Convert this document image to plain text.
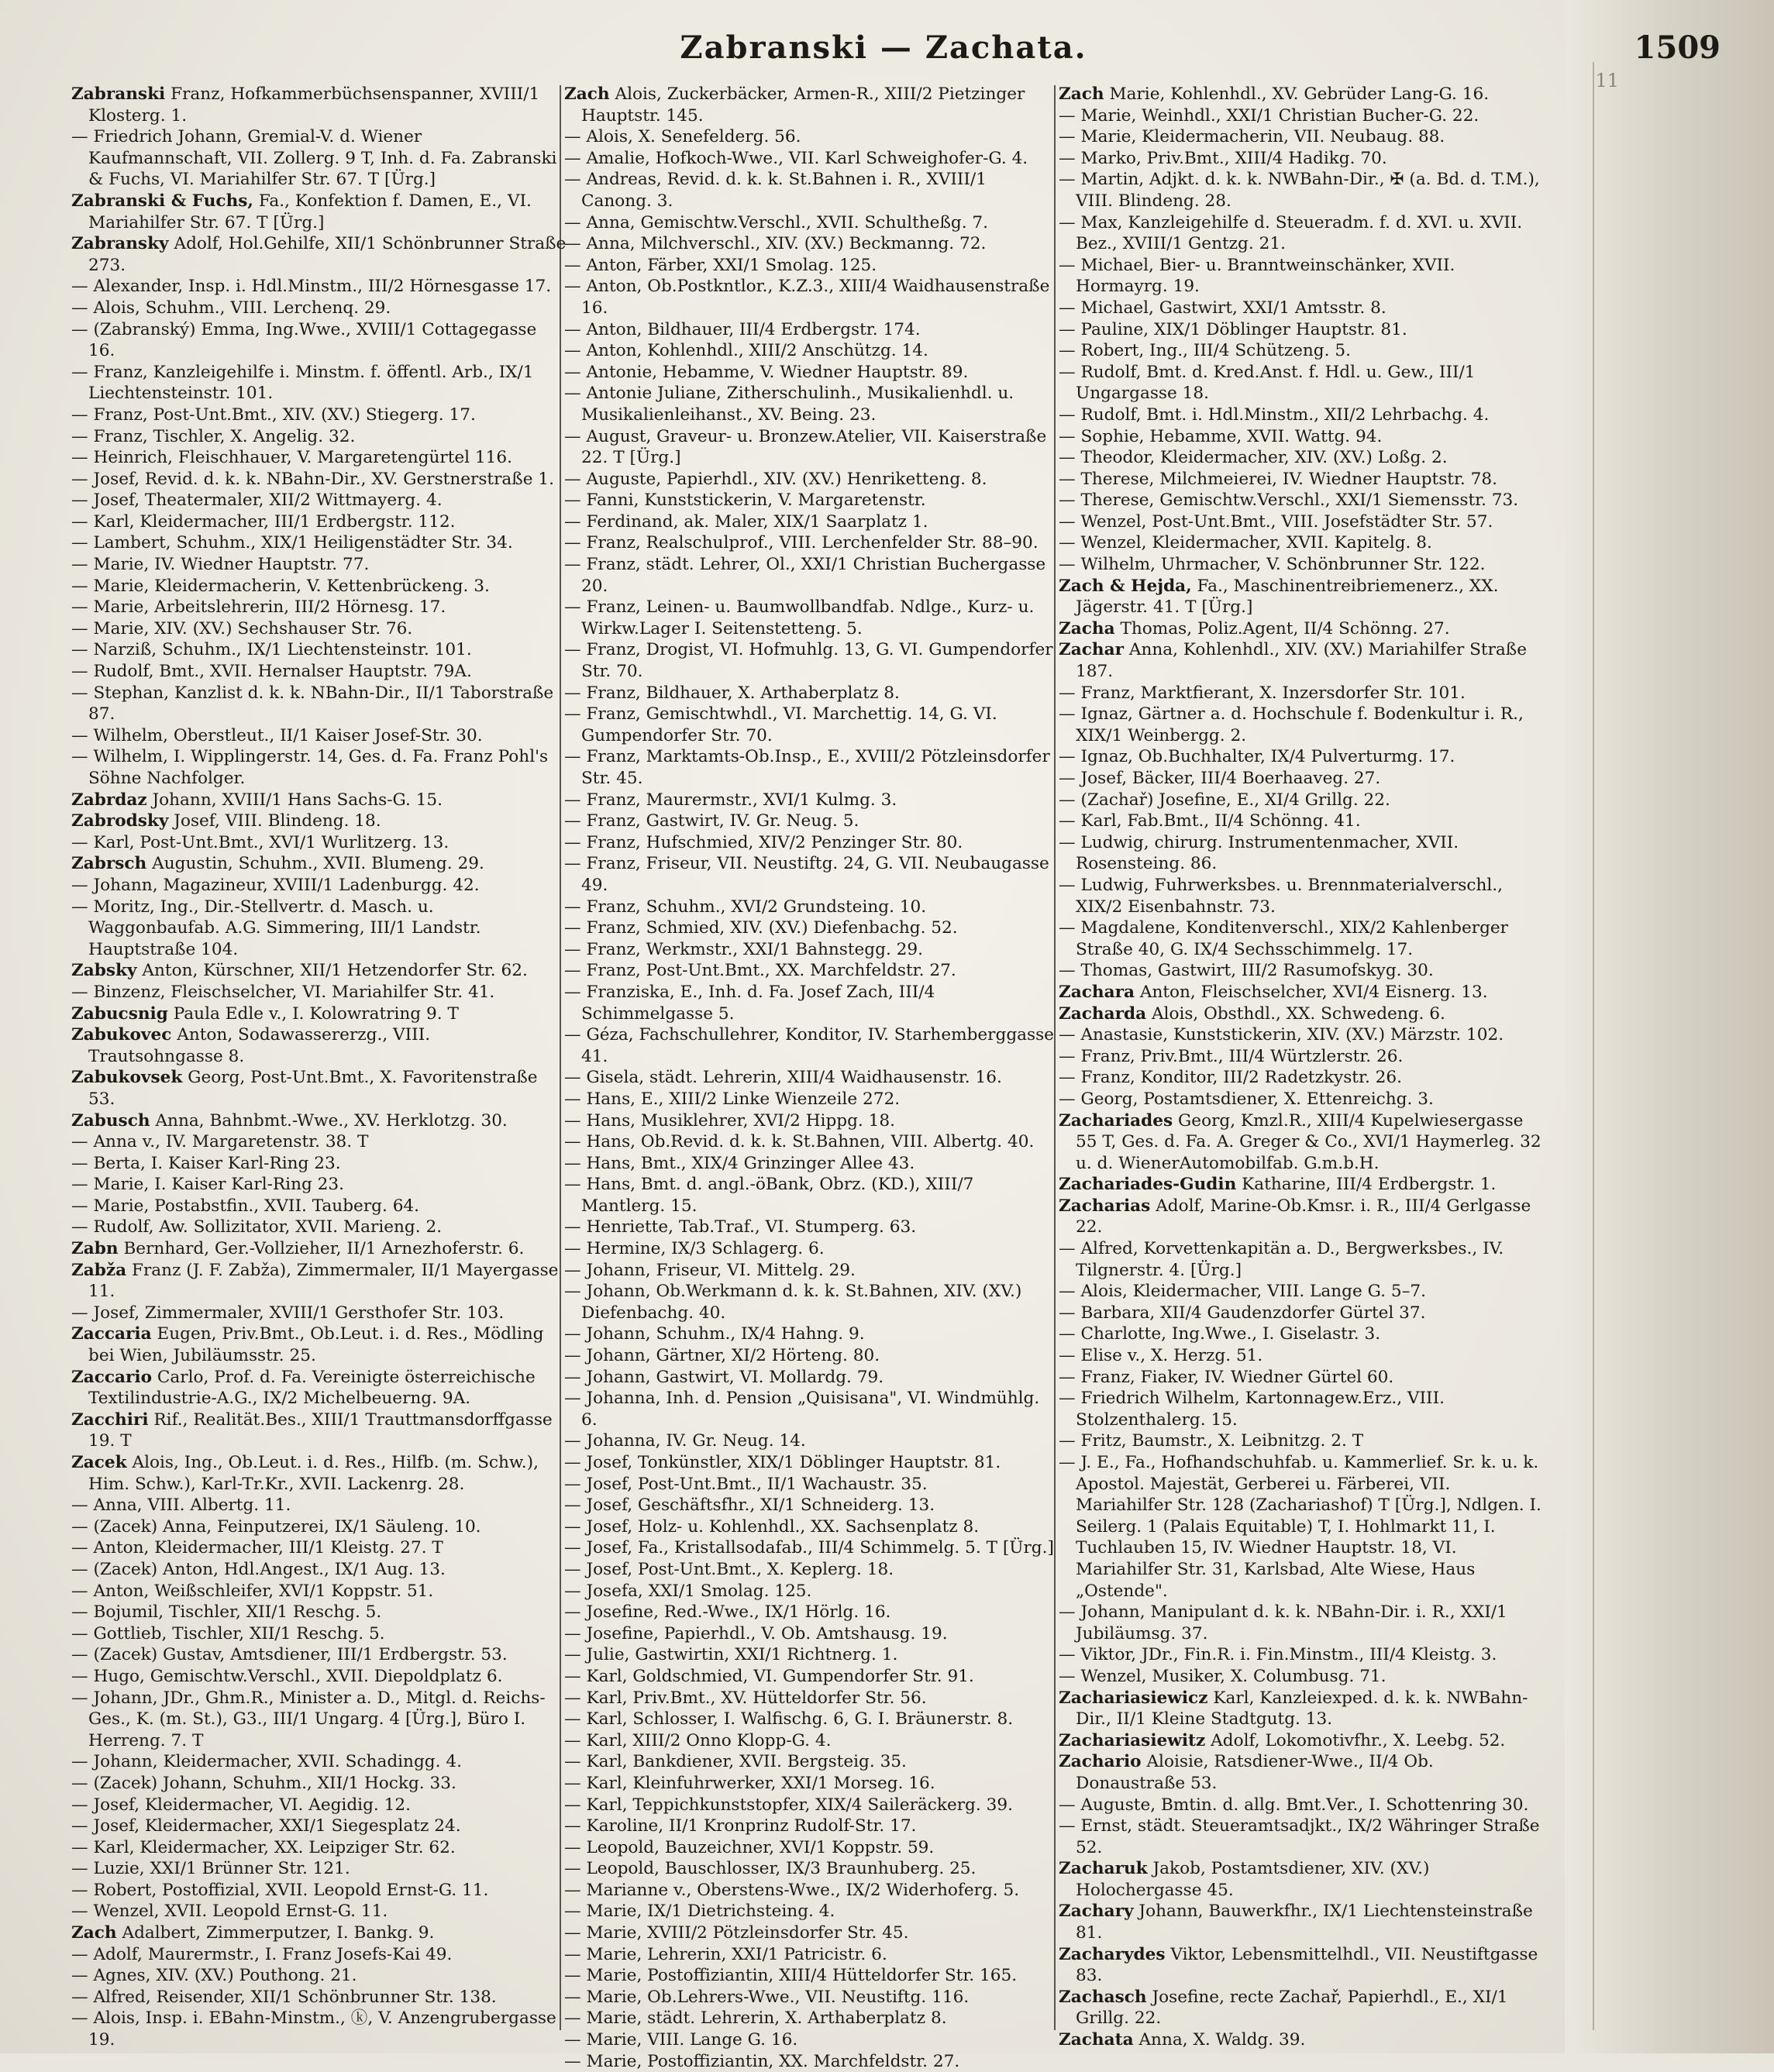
11
Zabranski — Zachata.	1509

Zabranski Franz, Hofkammerbüchsenspanner, XVIII/1 Klosterg. 1.

— Friedrich Johann, Gremial-V. d. Wiener Kaufmannschaft, VII. Zollerg. 9 T, Inh. d. Fa. Zabranski & Fuchs, VI. Mariahilfer Str. 67. T [Ürg.]

Zabranski & Fuchs, Fa., Konfektion f. Damen, E., VI. Mariahilfer Str. 67. T [Ürg.]

Zabransky Adolf, Hol.Gehilfe, XII/1 Schönbrunner Straße 273.

— Alexander, Insp. i. Hdl.Minstm., III/2 Hörnesgasse 17.

— Alois, Schuhm., VIII. Lerchenq. 29.

— (Zabranský) Emma, Ing.Wwe., XVIII/1 Cottagegasse 16.

— Franz, Kanzleigehilfe i. Minstm. f. öffentl. Arb., IX/1 Liechtensteinstr. 101.

— Franz, Post-Unt.Bmt., XIV. (XV.) Stiegerg. 17.

— Franz, Tischler, X. Angelig. 32.

— Heinrich, Fleischhauer, V. Margaretengürtel 116.

— Josef, Revid. d. k. k. NBahn-Dir., XV. Gerstnerstraße 1.

— Josef, Theatermaler, XII/2 Wittmayerg. 4.

— Karl, Kleidermacher, III/1 Erdbergstr. 112.

— Lambert, Schuhm., XIX/1 Heiligenstädter Str. 34.

— Marie, IV. Wiedner Hauptstr. 77.

— Marie, Kleidermacherin, V. Kettenbrückeng. 3.

— Marie, Arbeitslehrerin, III/2 Hörnesg. 17.

— Marie, XIV. (XV.) Sechshauser Str. 76.

— Narziß, Schuhm., IX/1 Liechtensteinstr. 101.

— Rudolf, Bmt., XVII. Hernalser Hauptstr. 79A.

— Stephan, Kanzlist d. k. k. NBahn-Dir., II/1 Taborstraße 87.

— Wilhelm, Oberstleut., II/1 Kaiser Josef-Str. 30.

— Wilhelm, I. Wipplingerstr. 14, Ges. d. Fa. Franz Pohl's Söhne Nachfolger.

Zabrdaz Johann, XVIII/1 Hans Sachs-G. 15.

Zabrodsky Josef, VIII. Blindeng. 18.

— Karl, Post-Unt.Bmt., XVI/1 Wurlitzerg. 13.

Zabrsch Augustin, Schuhm., XVII. Blumeng. 29.

— Johann, Magazineur, XVIII/1 Ladenburgg. 42.

— Moritz, Ing., Dir.-Stellvertr. d. Masch. u. Waggonbaufab. A.G. Simmering, III/1 Landstr. Hauptstraße 104.

Zabsky Anton, Kürschner, XII/1 Hetzendorfer Str. 62.

— Binzenz, Fleischselcher, VI. Mariahilfer Str. 41.

Zabucsnig Paula Edle v., I. Kolowratring 9. T

Zabukovec Anton, Sodawassererzg., VIII. Trautsohngasse 8.

Zabukovsek Georg, Post-Unt.Bmt., X. Favoritenstraße 53.

Zabusch Anna, Bahnbmt.-Wwe., XV. Herklotzg. 30.

— Anna v., IV. Margaretenstr. 38. T

— Berta, I. Kaiser Karl-Ring 23.

— Marie, I. Kaiser Karl-Ring 23.

— Marie, Postabstfin., XVII. Tauberg. 64.

— Rudolf, Aw. Sollizitator, XVII. Marieng. 2.

Zabn Bernhard, Ger.-Vollzieher, II/1 Arnezhoferstr. 6.

Zabža Franz (J. F. Zabža), Zimmermaler, II/1 Mayergasse 11.

— Josef, Zimmermaler, XVIII/1 Gersthofer Str. 103.

Zaccaria Eugen, Priv.Bmt., Ob.Leut. i. d. Res., Mödling bei Wien, Jubiläumsstr. 25.

Zaccario Carlo, Prof. d. Fa. Vereinigte österreichische Textilindustrie-A.G., IX/2 Michelbeuerng. 9A.

Zacchiri Rif., Realität.Bes., XIII/1 Trauttmansdorffgasse 19. T

Zacek Alois, Ing., Ob.Leut. i. d. Res., Hilfb. (m. Schw.), Him. Schw.), Karl-Tr.Kr., XVII. Lackenrg. 28.

— Anna, VIII. Albertg. 11.

— (Zacek) Anna, Feinputzerei, IX/1 Säuleng. 10.

— Anton, Kleidermacher, III/1 Kleistg. 27. T

— (Zacek) Anton, Hdl.Angest., IX/1 Aug. 13.

— Anton, Weißschleifer, XVI/1 Koppstr. 51.

— Bojumil, Tischler, XII/1 Reschg. 5.

— Gottlieb, Tischler, XII/1 Reschg. 5.

— (Zacek) Gustav, Amtsdiener, III/1 Erdbergstr. 53.

— Hugo, Gemischtw.Verschl., XVII. Diepoldplatz 6.

— Johann, JDr., Ghm.R., Minister a. D., Mitgl. d. Reichs-Ges., K. (m. St.), G3., III/1 Ungarg. 4 [Ürg.], Büro I. Herreng. 7. T

— Johann, Kleidermacher, XVII. Schadingg. 4.

— (Zacek) Johann, Schuhm., XII/1 Hockg. 33.

— Josef, Kleidermacher, VI. Aegidig. 12.

— Josef, Kleidermacher, XXI/1 Siegesplatz 24.

— Karl, Kleidermacher, XX. Leipziger Str. 62.

— Luzie, XXI/1 Brünner Str. 121.

— Robert, Postoffizial, XVII. Leopold Ernst-G. 11.

— Wenzel, XVII. Leopold Ernst-G. 11.

Zach Adalbert, Zimmerputzer, I. Bankg. 9.

— Adolf, Maurermstr., I. Franz Josefs-Kai 49.

— Agnes, XIV. (XV.) Pouthong. 21.

— Alfred, Reisender, XII/1 Schönbrunner Str. 138.

— Alois, Insp. i. EBahn-Minstm., ⓚ, V. Anzengrubergasse 19.

Zach Alois, Zuckerbäcker, Armen-R., XIII/2 Pietzinger Hauptstr. 145.

— Alois, X. Senefelderg. 56.

— Amalie, Hofkoch-Wwe., VII. Karl Schweighofer-G. 4.

— Andreas, Revid. d. k. k. St.Bahnen i. R., XVIII/1 Canong. 3.

— Anna, Gemischtw.Verschl., XVII. Schultheßg. 7.

— Anna, Milchverschl., XIV. (XV.) Beckmanng. 72.

— Anton, Färber, XXI/1 Smolag. 125.

— Anton, Ob.Postkntlor., K.Z.3., XIII/4 Waidhausenstraße 16.

— Anton, Bildhauer, III/4 Erdbergstr. 174.

— Anton, Kohlenhdl., XIII/2 Anschützg. 14.

— Antonie, Hebamme, V. Wiedner Hauptstr. 89.

— Antonie Juliane, Zitherschulinh., Musikalienhdl. u. Musikalienleihanst., XV. Being. 23.

— August, Graveur- u. Bronzew.Atelier, VII. Kaiserstraße 22. T [Ürg.]

— Auguste, Papierhdl., XIV. (XV.) Henriketteng. 8.

— Fanni, Kunststickerin, V. Margaretenstr.

— Ferdinand, ak. Maler, XIX/1 Saarplatz 1.

— Franz, Realschulprof., VIII. Lerchenfelder Str. 88–90.

— Franz, städt. Lehrer, Ol., XXI/1 Christian Buchergasse 20.

— Franz, Leinen- u. Baumwollbandfab. Ndlge., Kurz- u. Wirkw.Lager I. Seitenstetteng. 5.

— Franz, Drogist, VI. Hofmuhlg. 13, G. VI. Gumpendorfer Str. 70.

— Franz, Bildhauer, X. Arthaberplatz 8.

— Franz, Gemischtwhdl., VI. Marchettig. 14, G. VI. Gumpendorfer Str. 70.

— Franz, Marktamts-Ob.Insp., E., XVIII/2 Pötzleinsdorfer Str. 45.

— Franz, Maurermstr., XVI/1 Kulmg. 3.

— Franz, Gastwirt, IV. Gr. Neug. 5.

— Franz, Hufschmied, XIV/2 Penzinger Str. 80.

— Franz, Friseur, VII. Neustiftg. 24, G. VII. Neubaugasse 49.

— Franz, Schuhm., XVI/2 Grundsteing. 10.

— Franz, Schmied, XIV. (XV.) Diefenbachg. 52.

— Franz, Werkmstr., XXI/1 Bahnstegg. 29.

— Franz, Post-Unt.Bmt., XX. Marchfeldstr. 27.

— Franziska, E., Inh. d. Fa. Josef Zach, III/4 Schimmelgasse 5.

— Géza, Fachschullehrer, Konditor, IV. Starhemberggasse 41.

— Gisela, städt. Lehrerin, XIII/4 Waidhausenstr. 16.

— Hans, E., XIII/2 Linke Wienzeile 272.

— Hans, Musiklehrer, XVI/2 Hippg. 18.

— Hans, Ob.Revid. d. k. k. St.Bahnen, VIII. Albertg. 40.

— Hans, Bmt., XIX/4 Grinzinger Allee 43.

— Hans, Bmt. d. angl.-öBank, Obrz. (KD.), XIII/7 Mantlerg. 15.

— Henriette, Tab.Traf., VI. Stumperg. 63.

— Hermine, IX/3 Schlagerg. 6.

— Johann, Friseur, VI. Mittelg. 29.

— Johann, Ob.Werkmann d. k. k. St.Bahnen, XIV. (XV.) Diefenbachg. 40.

— Johann, Schuhm., IX/4 Hahng. 9.

— Johann, Gärtner, XI/2 Hörteng. 80.

— Johann, Gastwirt, VI. Mollardg. 79.

— Johanna, Inh. d. Pension „Quisisana", VI. Windmühlg. 6.

— Johanna, IV. Gr. Neug. 14.

— Josef, Tonkünstler, XIX/1 Döblinger Hauptstr. 81.

— Josef, Post-Unt.Bmt., II/1 Wachaustr. 35.

— Josef, Geschäftsfhr., XI/1 Schneiderg. 13.

— Josef, Holz- u. Kohlenhdl., XX. Sachsenplatz 8.

— Josef, Fa., Kristallsodafab., III/4 Schimmelg. 5. T [Ürg.]

— Josef, Post-Unt.Bmt., X. Keplerg. 18.

— Josefa, XXI/1 Smolag. 125.

— Josefine, Red.-Wwe., IX/1 Hörlg. 16.

— Josefine, Papierhdl., V. Ob. Amtshausg. 19.

— Julie, Gastwirtin, XXI/1 Richtnerg. 1.

— Karl, Goldschmied, VI. Gumpendorfer Str. 91.

— Karl, Priv.Bmt., XV. Hütteldorfer Str. 56.

— Karl, Schlosser, I. Walfischg. 6, G. I. Bräunerstr. 8.

— Karl, XIII/2 Onno Klopp-G. 4.

— Karl, Bankdiener, XVII. Bergsteig. 35.

— Karl, Kleinfuhrwerker, XXI/1 Morseg. 16.

— Karl, Teppichkunststopfer, XIX/4 Saileräckerg. 39.

— Karoline, II/1 Kronprinz Rudolf-Str. 17.

— Leopold, Bauzeichner, XVI/1 Koppstr. 59.

— Leopold, Bauschlosser, IX/3 Braunhuberg. 25.

— Marianne v., Oberstens-Wwe., IX/2 Widerhoferg. 5.

— Marie, IX/1 Dietrichsteing. 4.

— Marie, XVIII/2 Pötzleinsdorfer Str. 45.

— Marie, Lehrerin, XXI/1 Patricistr. 6.

— Marie, Postoffiziantin, XIII/4 Hütteldorfer Str. 165.

— Marie, Ob.Lehrers-Wwe., VII. Neustiftg. 116.

— Marie, städt. Lehrerin, X. Arthaberplatz 8.

— Marie, VIII. Lange G. 16.

— Marie, Postoffiziantin, XX. Marchfeldstr. 27.

Zach Marie, Kohlenhdl., XV. Gebrüder Lang-G. 16.

— Marie, Weinhdl., XXI/1 Christian Bucher-G. 22.

— Marie, Kleidermacherin, VII. Neubaug. 88.

— Marko, Priv.Bmt., XIII/4 Hadikg. 70.

— Martin, Adjkt. d. k. k. NWBahn-Dir., ✠ (a. Bd. d. T.M.), VIII. Blindeng. 28.

— Max, Kanzleigehilfe d. Steueradm. f. d. XVI. u. XVII. Bez., XVIII/1 Gentzg. 21.

— Michael, Bier- u. Branntweinschänker, XVII. Hormayrg. 19.

— Michael, Gastwirt, XXI/1 Amtsstr. 8.

— Pauline, XIX/1 Döblinger Hauptstr. 81.

— Robert, Ing., III/4 Schützeng. 5.

— Rudolf, Bmt. d. Kred.Anst. f. Hdl. u. Gew., III/1 Ungargasse 18.

— Rudolf, Bmt. i. Hdl.Minstm., XII/2 Lehrbachg. 4.

— Sophie, Hebamme, XVII. Wattg. 94.

— Theodor, Kleidermacher, XIV. (XV.) Loßg. 2.

— Therese, Milchmeierei, IV. Wiedner Hauptstr. 78.

— Therese, Gemischtw.Verschl., XXI/1 Siemensstr. 73.

— Wenzel, Post-Unt.Bmt., VIII. Josefstädter Str. 57.

— Wenzel, Kleidermacher, XVII. Kapitelg. 8.

— Wilhelm, Uhrmacher, V. Schönbrunner Str. 122.

Zach & Hejda, Fa., Maschinentreibriemenerz., XX. Jägerstr. 41. T [Ürg.]

Zacha Thomas, Poliz.Agent, II/4 Schönng. 27.

Zachar Anna, Kohlenhdl., XIV. (XV.) Mariahilfer Straße 187.

— Franz, Marktfierant, X. Inzersdorfer Str. 101.

— Ignaz, Gärtner a. d. Hochschule f. Bodenkultur i. R., XIX/1 Weinbergg. 2.

— Ignaz, Ob.Buchhalter, IX/4 Pulverturmg. 17.

— Josef, Bäcker, III/4 Boerhaaveg. 27.

— (Zachař) Josefine, E., XI/4 Grillg. 22.

— Karl, Fab.Bmt., II/4 Schönng. 41.

— Ludwig, chirurg. Instrumentenmacher, XVII. Rosensteing. 86.

— Ludwig, Fuhrwerksbes. u. Brennmaterialverschl., XIX/2 Eisenbahnstr. 73.

— Magdalene, Konditenverschl., XIX/2 Kahlenberger Straße 40, G. IX/4 Sechsschimmelg. 17.

— Thomas, Gastwirt, III/2 Rasumofskyg. 30.

Zachara Anton, Fleischselcher, XVI/4 Eisnerg. 13.

Zacharda Alois, Obsthdl., XX. Schwedeng. 6.

— Anastasie, Kunststickerin, XIV. (XV.) Märzstr. 102.

— Franz, Priv.Bmt., III/4 Würtzlerstr. 26.

— Franz, Konditor, III/2 Radetzkystr. 26.

— Georg, Postamtsdiener, X. Ettenreichg. 3.

Zachariades Georg, Kmzl.R., XIII/4 Kupelwiesergasse 55 T, Ges. d. Fa. A. Greger & Co., XVI/1 Haymerleg. 32 u. d. WienerAutomobilfab. G.m.b.H.

Zachariades-Gudin Katharine, III/4 Erdbergstr. 1.

Zacharias Adolf, Marine-Ob.Kmsr. i. R., III/4 Gerlgasse 22.

— Alfred, Korvettenkapitän a. D., Bergwerksbes., IV. Tilgnerstr. 4. [Ürg.]

— Alois, Kleidermacher, VIII. Lange G. 5–7.

— Barbara, XII/4 Gaudenzdorfer Gürtel 37.

— Charlotte, Ing.Wwe., I. Giselastr. 3.

— Elise v., X. Herzg. 51.

— Franz, Fiaker, IV. Wiedner Gürtel 60.

— Friedrich Wilhelm, Kartonnagew.Erz., VIII. Stolzenthalerg. 15.

— Fritz, Baumstr., X. Leibnitzg. 2. T

— J. E., Fa., Hofhandschuhfab. u. Kammerlief. Sr. k. u. k. Apostol. Majestät, Gerberei u. Färberei, VII. Mariahilfer Str. 128 (Zachariashof) T [Ürg.], Ndlgen. I. Seilerg. 1 (Palais Equitable) T, I. Hohlmarkt 11, I. Tuchlauben 15, IV. Wiedner Hauptstr. 18, VI. Mariahilfer Str. 31, Karlsbad, Alte Wiese, Haus „Ostende".

— Johann, Manipulant d. k. k. NBahn-Dir. i. R., XXI/1 Jubiläumsg. 37.

— Viktor, JDr., Fin.R. i. Fin.Minstm., III/4 Kleistg. 3.

— Wenzel, Musiker, X. Columbusg. 71.

Zachariasiewicz Karl, Kanzleiexped. d. k. k. NWBahn-Dir., II/1 Kleine Stadtgutg. 13.

Zachariasiewitz Adolf, Lokomotivfhr., X. Leebg. 52.

Zachario Aloisie, Ratsdiener-Wwe., II/4 Ob. Donaustraße 53.

— Auguste, Bmtin. d. allg. Bmt.Ver., I. Schottenring 30.

— Ernst, städt. Steueramtsadjkt., IX/2 Währinger Straße 52.

Zacharuk Jakob, Postamtsdiener, XIV. (XV.) Holochergasse 45.

Zachary Johann, Bauwerkfhr., IX/1 Liechtensteinstraße 81.

Zacharydes Viktor, Lebensmittelhdl., VII. Neustiftgasse 83.

Zachasch Josefine, recte Zachař, Papierhdl., E., XI/1 Grillg. 22.

Zachata Anna, X. Waldg. 39.
